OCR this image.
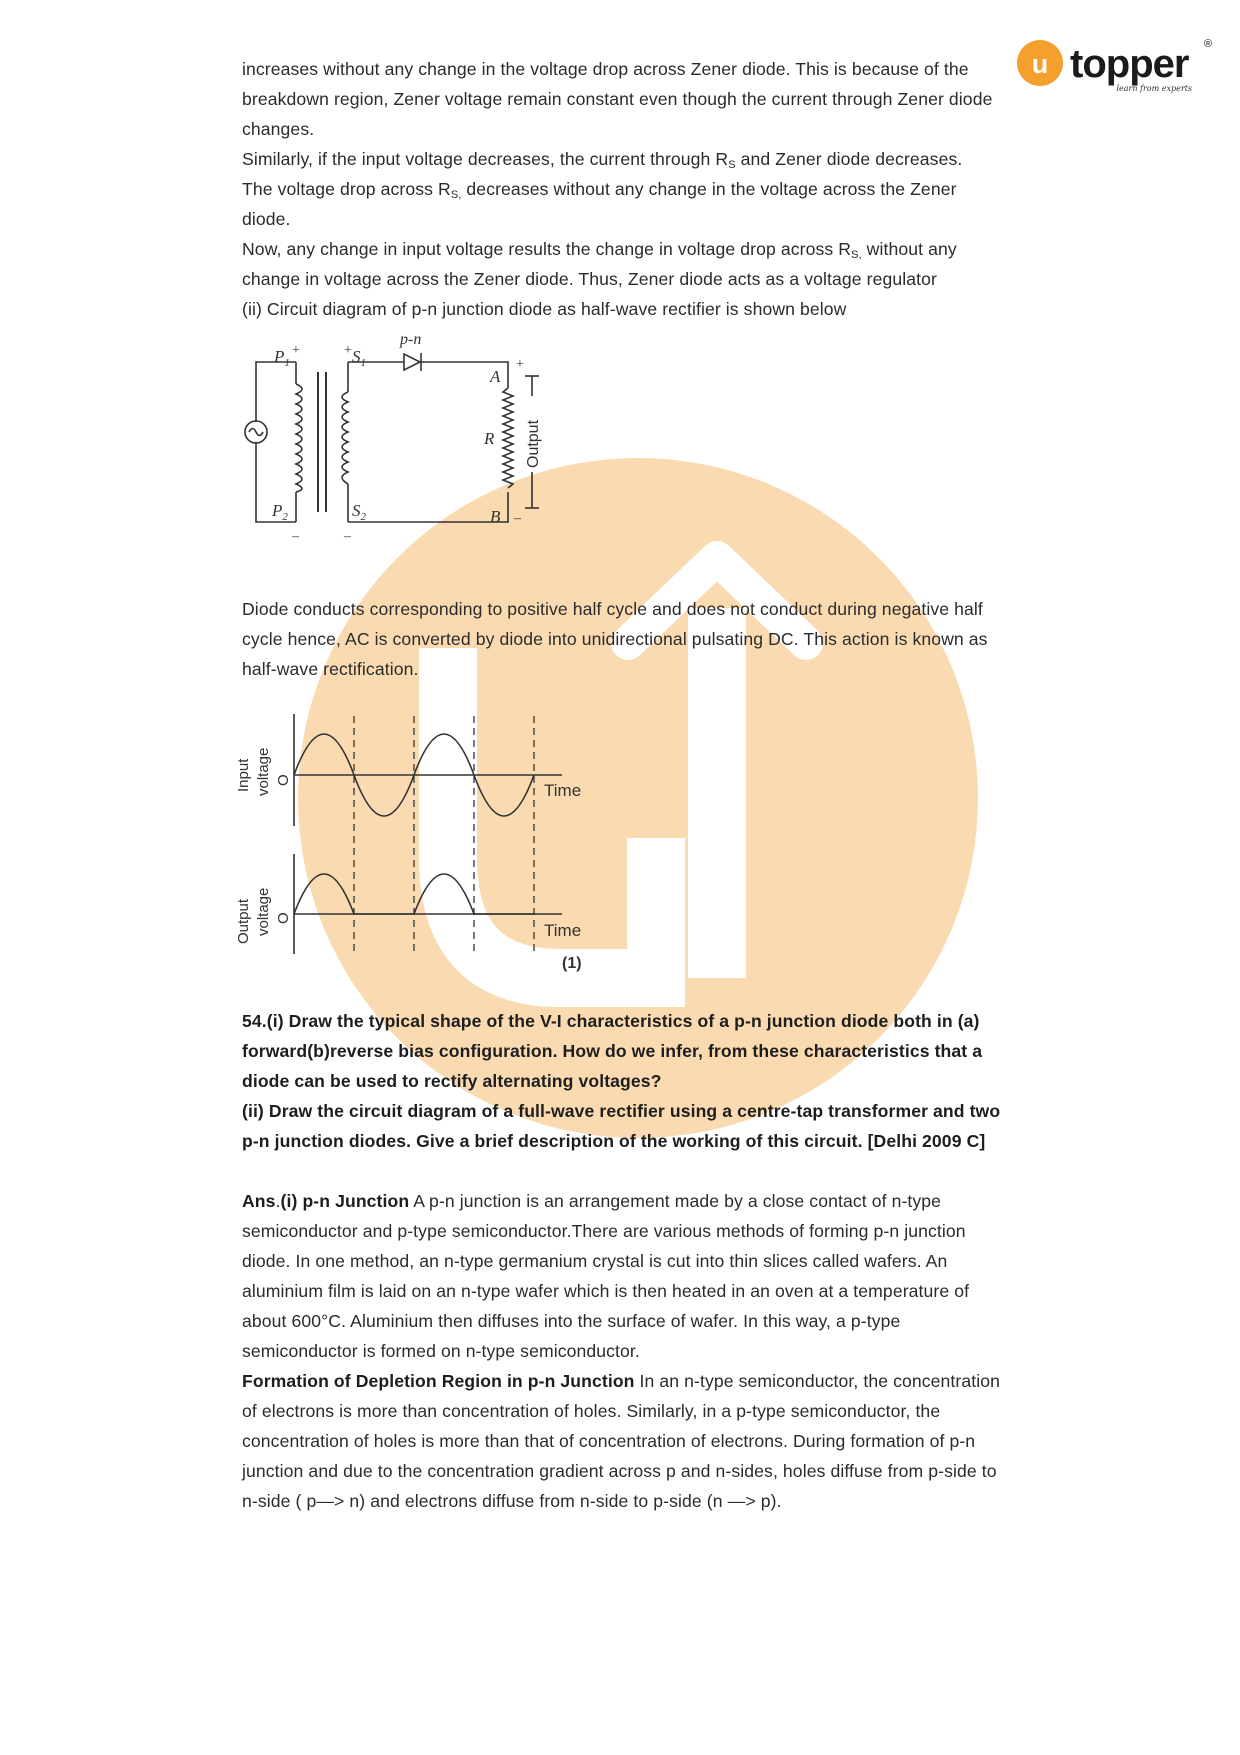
u topper ®
learn from experts

increases without any change in the voltage drop across Zener diode. This is because of the breakdown region, Zener voltage remain constant even though the current through Zener diode changes.

Similarly, if the input voltage decreases, the current through $R_S$ and Zener diode decreases.

The voltage drop across $R_{S,}$ decreases without any change in the voltage across the Zener diode.

Now, any change in input voltage results the change in voltage drop across $R_{S,}$ without any change in voltage across the Zener diode. Thus, Zener diode acts as a voltage regulator

(ii) Circuit diagram of p-n junction diode as half-wave rectifier is shown below

$P_1$
$P_2$
$S_1$
$S_2$
p-n
A
B
R Output
+	+
+
–	–
–

Diode conducts corresponding to positive half cycle and does not conduct during negative half cycle hence, AC is converted by diode into unidirectional pulsating DC. This action is known as half-wave rectification.

Input voltage
Output voltage
O
O
Time
Time
(1)

54.(i) Draw the typical shape of the V-I characteristics of a p-n junction diode both in (a) forward(b)reverse bias configuration. How do we infer, from these characteristics that a diode can be used to rectify alternating voltages?

(ii) Draw the circuit diagram of a full-wave rectifier using a centre-tap transformer and two p-n junction diodes. Give a brief description of the working of this circuit. [Delhi 2009 C]

Ans.(i) p-n Junction A p-n junction is an arrangement made by a close contact of n-type semiconductor and p-type semiconductor.There are various methods of forming p-n junction diode. In one method, an n-type germanium crystal is cut into thin slices called wafers. An aluminium film is laid on an n-type wafer which is then heated in an oven at a temperature of about 600°C. Aluminium then diffuses into the surface of wafer. In this way, a p-type semiconductor is formed on n-type semiconductor.

Formation of Depletion Region in p-n Junction In an n-type semiconductor, the concentration of electrons is more than concentration of holes. Similarly, in a p-type semiconductor, the concentration of holes is more than that of concentration of electrons. During formation of p-n junction and due to the concentration gradient across p and n-sides, holes diffuse from p-side to n-side ( p—> n) and electrons diffuse from n-side to p-side (n —> p).
